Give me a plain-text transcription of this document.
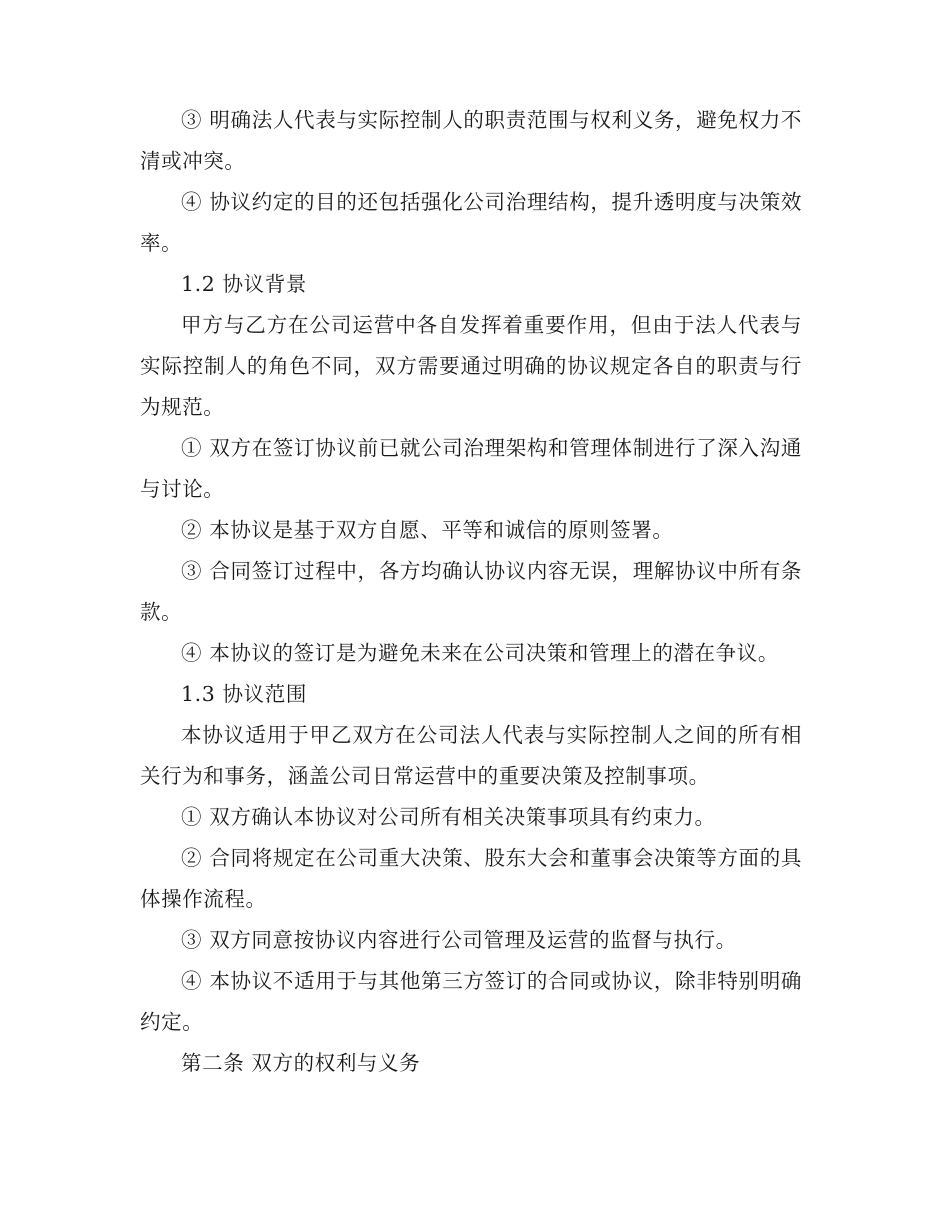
③ 明确法人代表与实际控制人的职责范围与权利义务，避免权力不清或冲突。

④ 协议约定的目的还包括强化公司治理结构，提升透明度与决策效率。

1.2 协议背景

甲方与乙方在公司运营中各自发挥着重要作用，但由于法人代表与实际控制人的角色不同，双方需要通过明确的协议规定各自的职责与行为规范。

① 双方在签订协议前已就公司治理架构和管理体制进行了深入沟通与讨论。

② 本协议是基于双方自愿、平等和诚信的原则签署。

③ 合同签订过程中，各方均确认协议内容无误，理解协议中所有条款。

④ 本协议的签订是为避免未来在公司决策和管理上的潜在争议。

1.3 协议范围

本协议适用于甲乙双方在公司法人代表与实际控制人之间的所有相关行为和事务，涵盖公司日常运营中的重要决策及控制事项。

① 双方确认本协议对公司所有相关决策事项具有约束力。

② 合同将规定在公司重大决策、股东大会和董事会决策等方面的具体操作流程。

③ 双方同意按协议内容进行公司管理及运营的监督与执行。

④ 本协议不适用于与其他第三方签订的合同或协议，除非特别明确约定。

第二条 双方的权利与义务
